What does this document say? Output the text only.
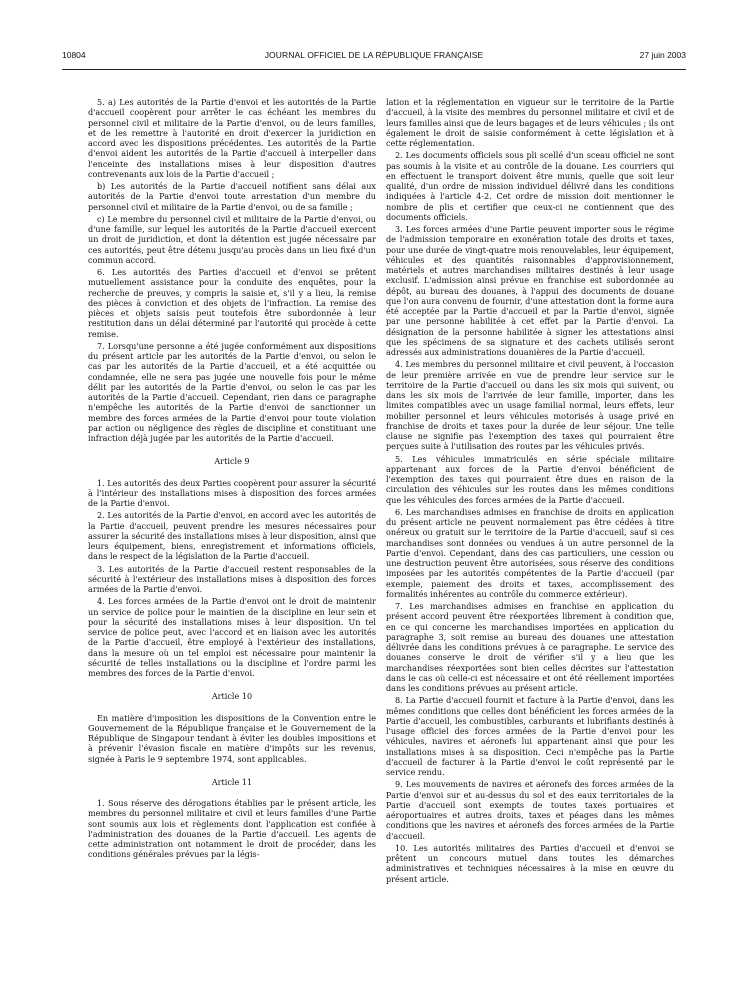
10804	JOURNAL OFFICIEL DE LA RÉPUBLIQUE FRANÇAISE	27 juin 2003

5. a) Les autorités de la Partie d'envoi et les autorités de la Partie d'accueil coopèrent pour arrêter le cas échéant les membres du personnel civil et militaire de la Partie d'envoi, ou de leurs familles, et de les remettre à l'autorité en droit d'exercer la juridiction en accord avec les dispositions précédentes. Les autorités de la Partie d'envoi aident les autorités de la Partie d'accueil à interpeller dans l'enceinte des installations mises à leur disposition d'autres contrevenants aux lois de la Partie d'accueil ;

b) Les autorités de la Partie d'accueil notifient sans délai aux autorités de la Partie d'envoi toute arrestation d'un membre du personnel civil et militaire de la Partie d'envoi, ou de sa famille ;

c) Le membre du personnel civil et militaire de la Partie d'envoi, ou d'une famille, sur lequel les autorités de la Partie d'accueil exercent un droit de juridiction, et dont la détention est jugée nécessaire par ces autorités, peut être détenu jusqu'au procès dans un lieu fixé d'un commun accord.

6. Les autorités des Parties d'accueil et d'envoi se prêtent mutuellement assistance pour la conduite des enquêtes, pour la recherche de preuves, y compris la saisie et, s'il y a lieu, la remise des pièces à conviction et des objets de l'infraction. La remise des pièces et objets saisis peut toutefois être subordonnée à leur restitution dans un délai déterminé par l'autorité qui procède à cette remise.

7. Lorsqu'une personne a été jugée conformément aux dispositions du présent article par les autorités de la Partie d'envoi, ou selon le cas par les autorités de la Partie d'accueil, et a été acquittée ou condamnée, elle ne sera pas jugée une nouvelle fois pour le même délit par les autorités de la Partie d'envoi, ou selon le cas par les autorités de la Partie d'accueil. Cependant, rien dans ce paragraphe n'empêche les autorités de la Partie d'envoi de sanctionner un membre des forces armées de la Partie d'envoi pour toute violation par action ou négligence des règles de discipline et constituant une infraction déjà jugée par les autorités de la Partie d'accueil.

Article 9

1. Les autorités des deux Parties coopèrent pour assurer la sécurité à l'intérieur des installations mises à disposition des forces armées de la Partie d'envoi.

2. Les autorités de la Partie d'envoi, en accord avec les autorités de la Partie d'accueil, peuvent prendre les mesures nécessaires pour assurer la sécurité des installations mises à leur disposition, ainsi que leurs équipement, biens, enregistrement et informations officiels, dans le respect de la législation de la Partie d'accueil.

3. Les autorités de la Partie d'accueil restent responsables de la sécurité à l'extérieur des installations mises à disposition des forces armées de la Partie d'envoi.

4. Les forces armées de la Partie d'envoi ont le droit de maintenir un service de police pour le maintien de la discipline en leur sein et pour la sécurité des installations mises à leur disposition. Un tel service de police peut, avec l'accord et en liaison avec les autorités de la Partie d'accueil, être employé à l'extérieur des installations, dans la mesure où un tel emploi est nécessaire pour maintenir la sécurité de telles installations ou la discipline et l'ordre parmi les membres des forces de la Partie d'envoi.

Article 10

En matière d'imposition les dispositions de la Convention entre le Gouvernement de la République française et le Gouvernement de la République de Singapour tendant à éviter les doubles impositions et à prévenir l'évasion fiscale en matière d'impôts sur les revenus, signée à Paris le 9 septembre 1974, sont applicables.

Article 11

1. Sous réserve des dérogations établies par le présent article, les membres du personnel militaire et civil et leurs familles d'une Partie sont soumis aux lois et règlements dont l'application est confiée à l'administration des douanes de la Partie d'accueil. Les agents de cette administration ont notamment le droit de procéder, dans les conditions générales prévues par la légis-

lation et la réglementation en vigueur sur le territoire de la Partie d'accueil, à la visite des membres du personnel militaire et civil et de leurs familles ainsi que de leurs bagages et de leurs véhicules ; ils ont également le droit de saisie conformément à cette législation et à cette réglementation.

2. Les documents officiels sous pli scellé d'un sceau officiel ne sont pas soumis à la visite et au contrôle de la douane. Les courriers qui en effectuent le transport doivent être munis, quelle que soit leur qualité, d'un ordre de mission individuel délivré dans les conditions indiquées à l'article 4-2. Cet ordre de mission doit mentionner le nombre de plis et certifier que ceux-ci ne contiennent que des documents officiels.

3. Les forces armées d'une Partie peuvent importer sous le régime de l'admission temporaire en exonération totale des droits et taxes, pour une durée de vingt-quatre mois renouvelables, leur équipement, véhicules et des quantités raisonnables d'approvisionnement, matériels et autres marchandises militaires destinés à leur usage exclusif. L'admission ainsi prévue en franchise est subordonnée au dépôt, au bureau des douanes, à l'appui des documents de douane que l'on aura convenu de fournir, d'une attestation dont la forme aura été acceptée par la Partie d'accueil et par la Partie d'envoi, signée par une personne habilitée à cet effet par la Partie d'envoi. La désignation de la personne habilitée à signer les attestations ainsi que les spécimens de sa signature et des cachets utilisés seront adressés aux administrations douanières de la Partie d'accueil.

4. Les membres du personnel militaire et civil peuvent, à l'occasion de leur première arrivée en vue de prendre leur service sur le territoire de la Partie d'accueil ou dans les six mois qui suivent, ou dans les six mois de l'arrivée de leur famille, importer, dans les limites compatibles avec un usage familial normal, leurs effets, leur mobilier personnel et leurs véhicules motorisés à usage privé en franchise de droits et taxes pour la durée de leur séjour. Une telle clause ne signifie pas l'exemption des taxes qui pourraient être perçues suite à l'utilisation des routes par les véhicules privés.

5. Les véhicules immatriculés en série spéciale militaire appartenant aux forces de la Partie d'envoi bénéficient de l'exemption des taxes qui pourraient être dues en raison de la circulation des véhicules sur les routes dans les mêmes conditions que les véhicules des forces armées de la Partie d'accueil.

6. Les marchandises admises en franchise de droits en application du présent article ne peuvent normalement pas être cédées à titre onéreux ou gratuit sur le territoire de la Partie d'accueil, sauf si ces marchandises sont données ou vendues à un autre personnel de la Partie d'envoi. Cependant, dans des cas particuliers, une cession ou une destruction peuvent être autorisées, sous réserve des conditions imposées par les autorités compétentes de la Partie d'accueil (par exemple, paiement des droits et taxes, accomplissement des formalités inhérentes au contrôle du commerce extérieur).

7. Les marchandises admises en franchise en application du présent accord peuvent être réexportées librement à condition que, en ce qui concerne les marchandises importées en application du paragraphe 3, soit remise au bureau des douanes une attestation délivrée dans les conditions prévues à ce paragraphe. Le service des douanes conserve le droit de vérifier s'il y a lieu que les marchandises réexportées sont bien celles décrites sur l'attestation dans le cas où celle-ci est nécessaire et ont été réellement importées dans les conditions prévues au présent article.

8. La Partie d'accueil fournit et facture à la Partie d'envoi, dans les mêmes conditions que celles dont bénéficient les forces armées de la Partie d'accueil, les combustibles, carburants et lubrifiants destinés à l'usage officiel des forces armées de la Partie d'envoi pour les véhicules, navires et aéronefs lui appartenant ainsi que pour les installations mises à sa disposition. Ceci n'empêche pas la Partie d'accueil de facturer à la Partie d'envoi le coût représenté par le service rendu.

9. Les mouvements de navires et aéronefs des forces armées de la Partie d'envoi sur et au-dessus du sol et des eaux territoriales de la Partie d'accueil sont exempts de toutes taxes portuaires et aéroportuaires et autres droits, taxes et péages dans les mêmes conditions que les navires et aéronefs des forces armées de la Partie d'accueil.

10. Les autorités militaires des Parties d'accueil et d'envoi se prêtent un concours mutuel dans toutes les démarches administratives et techniques nécessaires à la mise en œuvre du présent article.
